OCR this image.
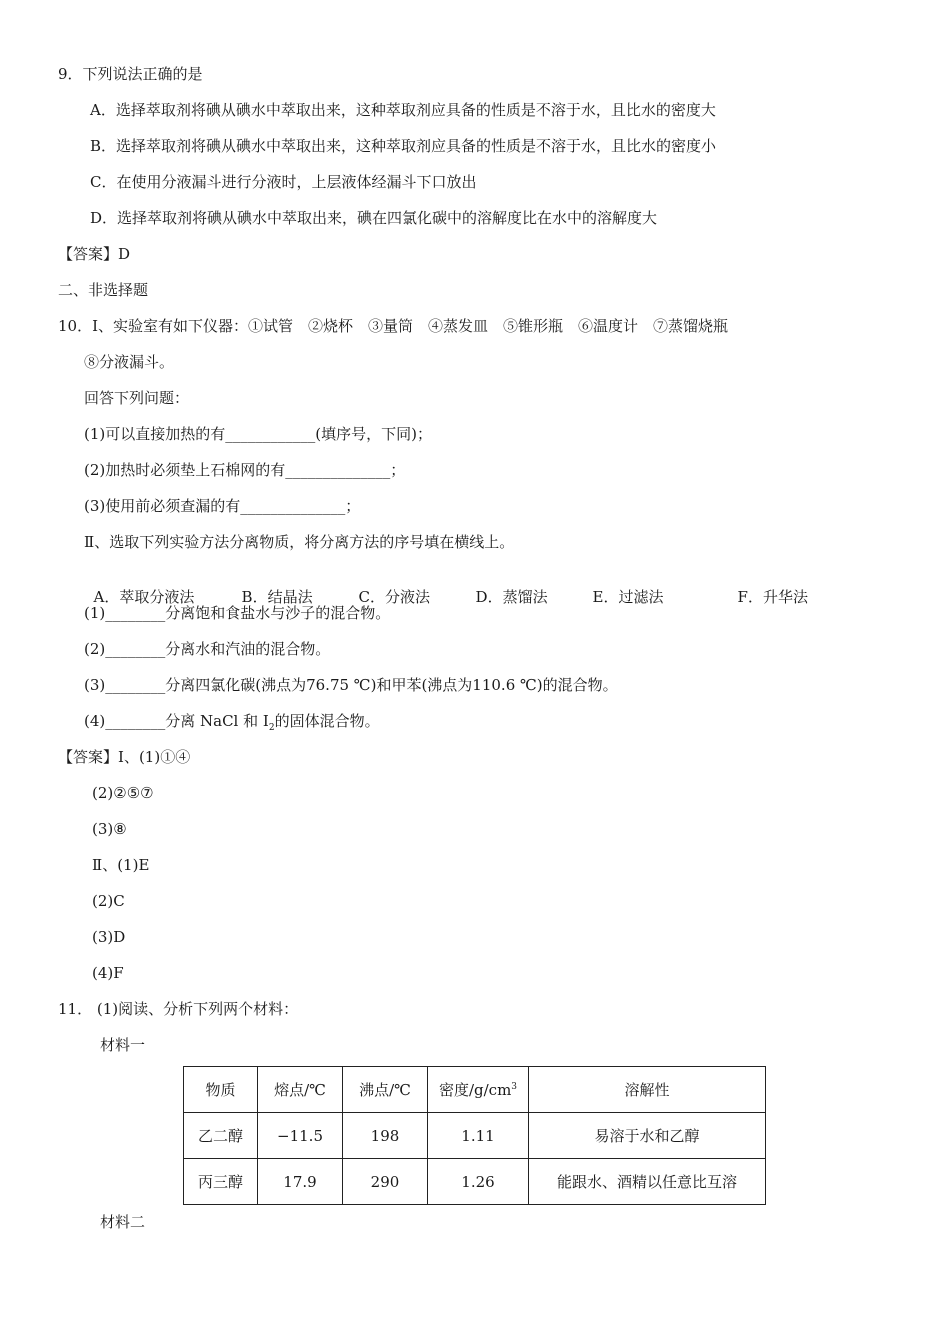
9．下列说法正确的是
A．选择萃取剂将碘从碘水中萃取出来，这种萃取剂应具备的性质是不溶于水，且比水的密度大
B．选择萃取剂将碘从碘水中萃取出来，这种萃取剂应具备的性质是不溶于水，且比水的密度小
C．在使用分液漏斗进行分液时，上层液体经漏斗下口放出
D．选择萃取剂将碘从碘水中萃取出来，碘在四氯化碳中的溶解度比在水中的溶解度大
【答案】D
二、非选择题
10．Ⅰ、实验室有如下仪器：①试管　②烧杯　③量筒　④蒸发皿　⑤锥形瓶　⑥温度计　⑦蒸馏烧瓶
⑧分液漏斗。
回答下列问题：
(1)可以直接加热的有____________(填序号，下同)；
(2)加热时必须垫上石棉网的有______________；
(3)使用前必须查漏的有______________；
Ⅱ、选取下列实验方法分离物质，将分离方法的序号填在横线上。

A．萃取分液法	B．结晶法	C．分液法	D．蒸馏法	E．过滤法	F．升华法

(1)________分离饱和食盐水与沙子的混合物。
(2)________分离水和汽油的混合物。
(3)________分离四氯化碳(沸点为76.75 ℃)和甲苯(沸点为110.6 ℃)的混合物。
(4)________分离 NaCl 和 $I_2$的固体混合物。
【答案】Ⅰ、(1)①④
(2)②⑤⑦
(3)⑧
Ⅱ、(1)E
(2)C
(3)D
(4)F
11． (1)阅读、分析下列两个材料：
材料一
物质	熔点/℃	沸点/℃	密度$/g/cm^3$	溶解性
乙二醇	−11.5	198	1.11	易溶于水和乙醇
丙三醇	17.9	290	1.26	能跟水、酒精以任意比互溶
材料二
